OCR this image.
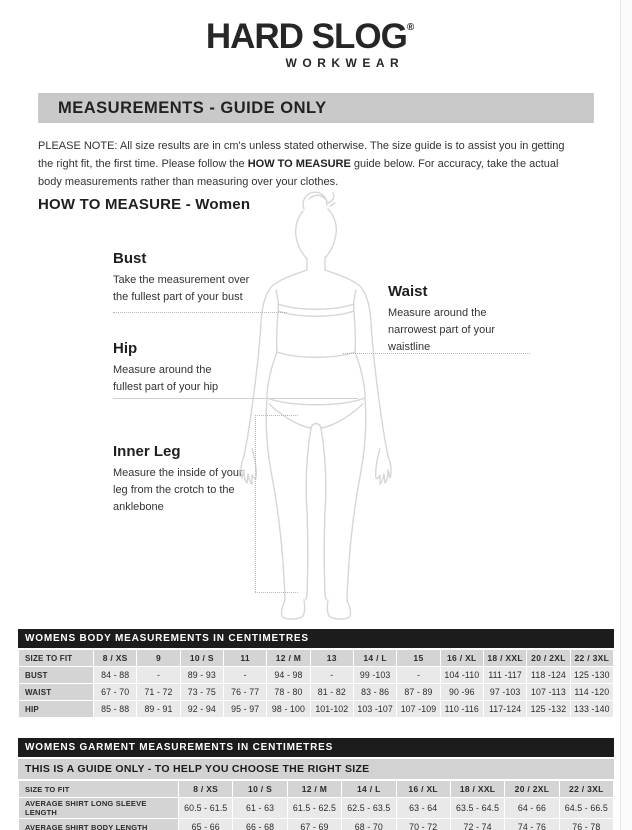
HARD SLOG®
WORKWEAR
MEASUREMENTS - GUIDE ONLY
PLEASE NOTE: All size results are in cm's unless stated otherwise. The size guide is to assist you in getting the right fit, the first time. Please follow the HOW TO MEASURE guide below. For accuracy, take the actual body measurements rather than measuring over your clothes.
HOW TO MEASURE - Women
Bust

Take the measurement over the fullest part of your bust	Waist

Measure around the narrowest part of your waistline

Hip

Measure around the fullest part of your hip

Inner Leg

Measure the inside of your leg from the crotch to the anklebone

WOMENS BODY MEASUREMENTS IN CENTIMETRES
SIZE TO FIT	8 / XS	9	10 / S	11	12 / M	13	14 / L	15	16 / XL	18 / XXL	20 / 2XL	22 / 3XL
BUST	84 - 88	-	89 - 93	-	94 - 98	-	99 -103	-	104 -110	111 -117	118 -124	125 -130
WAIST	67 - 70	71 - 72	73 - 75	76 - 77	78 - 80	81 - 82	83 - 86	87 - 89	90 -96	97 -103	107 -113	114 -120
HIP	85 - 88	89 - 91	92 - 94	95 - 97	98 - 100	101-102	103 -107	107 -109	110 -116	117-124	125 -132	133 -140
WOMENS GARMENT MEASUREMENTS IN CENTIMETRES
THIS IS A GUIDE ONLY - TO HELP YOU CHOOSE THE RIGHT SIZE
SIZE TO FIT	8 / XS	10 / S	12 / M	14 / L	16 / XL	18 / XXL	20 / 2XL	22 / 3XL
AVERAGE SHIRT LONG SLEEVE LENGTH	60.5 - 61.5	61 - 63	61.5 - 62.5	62.5 - 63.5	63 - 64	63.5 - 64.5	64 - 66	64.5 - 66.5
AVERAGE SHIRT BODY LENGTH	65 - 66	66 - 68	67 - 69	68 - 70	70 - 72	72 - 74	74 - 76	76 - 78
